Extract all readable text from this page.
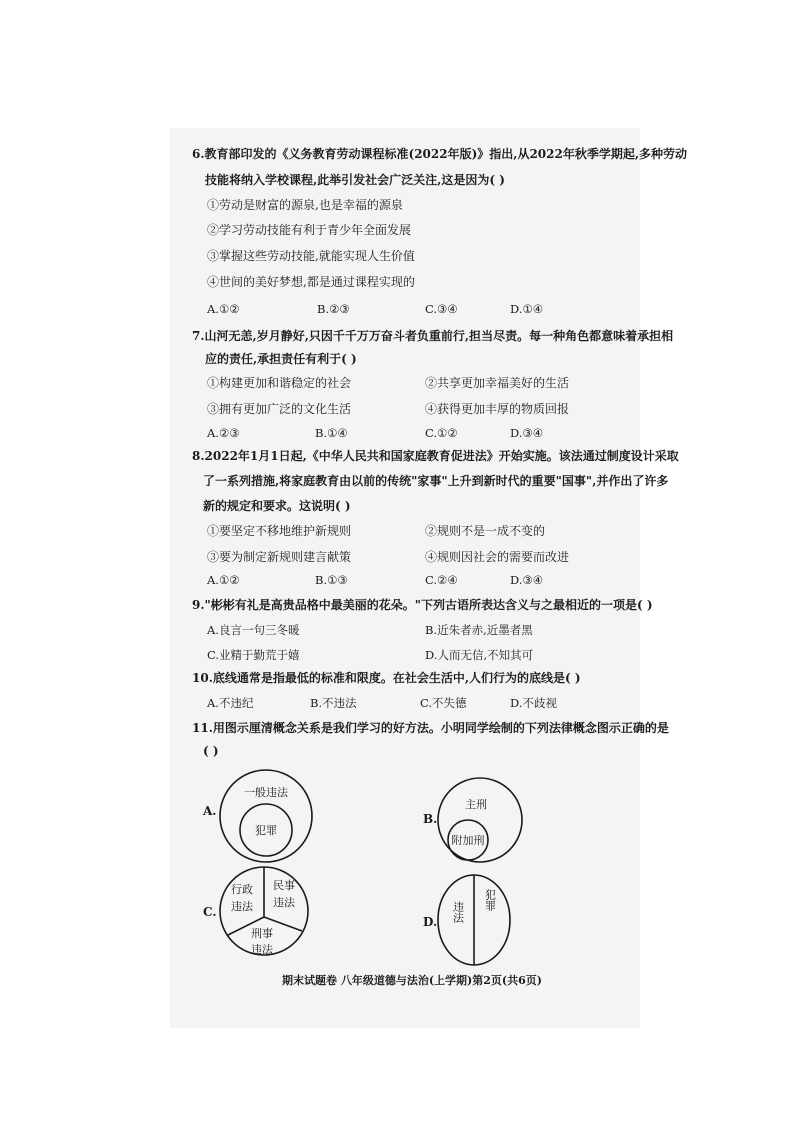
6.教育部印发的《义务教育劳动课程标准(2022年版)》指出,从2022年秋季学期起,多种劳动
技能将纳入学校课程,此举引发社会广泛关注,这是因为( )
①劳动是财富的源泉,也是幸福的源泉
②学习劳动技能有利于青少年全面发展
③掌握这些劳动技能,就能实现人生价值
④世间的美好梦想,都是通过课程实现的
A.①②	B.②③	C.③④	D.①④
7.山河无恙,岁月静好,只因千千万万奋斗者负重前行,担当尽责。每一种角色都意味着承担相
应的责任,承担责任有利于( )
①构建更加和谐稳定的社会	②共享更加幸福美好的生活
③拥有更加广泛的文化生活	④获得更加丰厚的物质回报
A.②③	B.①④	C.①②	D.③④
8.2022年1月1日起,《中华人民共和国家庭教育促进法》开始实施。该法通过制度设计采取
了一系列措施,将家庭教育由以前的传统"家事"上升到新时代的重要"国事",并作出了许多
新的规定和要求。这说明( )
①要坚定不移地维护新规则	②规则不是一成不变的
③要为制定新规则建言献策	④规则因社会的需要而改进
A.①②	B.①③	C.②④	D.③④
9."彬彬有礼是高贵品格中最美丽的花朵。"下列古语所表达含义与之最相近的一项是( )
A.良言一句三冬暖	B.近朱者赤,近墨者黑
C.业精于勤荒于嬉	D.人而无信,不知其可
10.底线通常是指最低的标准和限度。在社会生活中,人们行为的底线是( )
A.不违纪	B.不违法	C.不失德	D.不歧视
11.用图示厘清概念关系是我们学习的好方法。小明同学绘制的下列法律概念图示正确的是
( )
A.
一般违法
犯罪
B.
主刑
附加刑
C.
行政
违法
民事
违法
刑事
违法
D. 违法
犯罪
期末试题卷 八年级道德与法治(上学期)第2页(共6页)
